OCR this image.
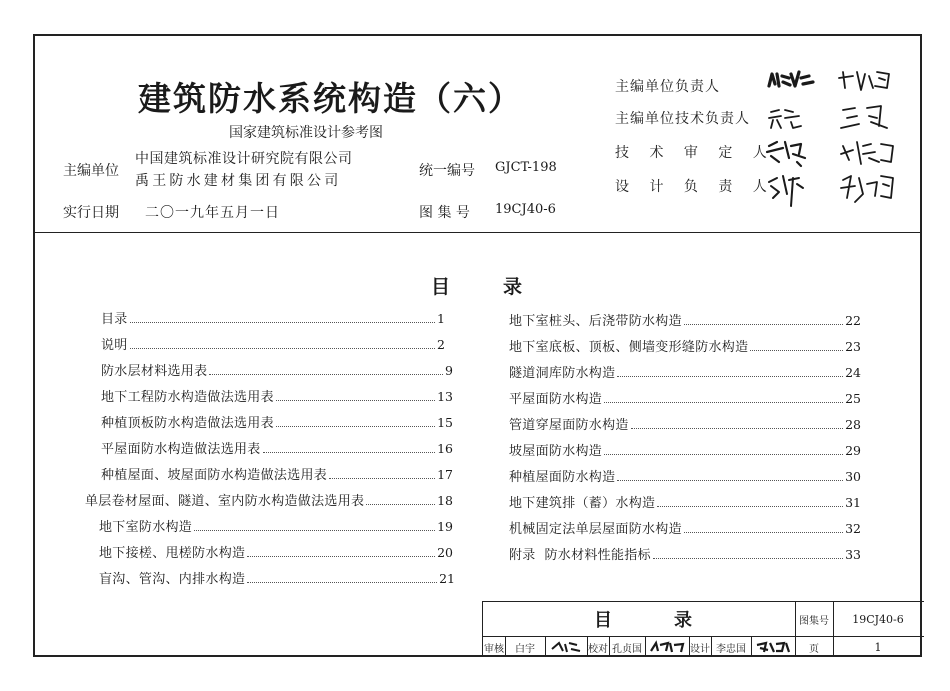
建筑防水系统构造（六）
国家建筑标准设计参考图
主编单位
中国建筑标准设计研究院有限公司
禹王防水建材集团有限公司
实行日期 二〇一九年五月一日
统一编号 GJCT-198
图 集 号 19CJ40-6
主编单位负责人
主编单位技术负责人
技 术 审 定 人
设 计 负 责 人
目	录
目录	1
说明	2
防水层材料选用表	9
地下工程防水构造做法选用表	13
种植顶板防水构造做法选用表	15
平屋面防水构造做法选用表	16
种植屋面、坡屋面防水构造做法选用表	17
单层卷材屋面、隧道、室内防水构造做法选用表	18
地下室防水构造	19
地下接槎、甩槎防水构造	20
盲沟、管沟、内排水构造	21
地下室桩头、后浇带防水构造	22
地下室底板、顶板、侧墙变形缝防水构造	23
隧道洞库防水构造	24
平屋面防水构造	25
管道穿屋面防水构造	28
坡屋面防水构造	29
种植屋面防水构造	30
地下建筑排（蓄）水构造	31
机械固定法单层屋面防水构造	32
附录  防水材料性能指标	33
目	录	图集号	19CJ40-6
审核	白宇	校对 孔贞国	设计 李忠国	页	1
